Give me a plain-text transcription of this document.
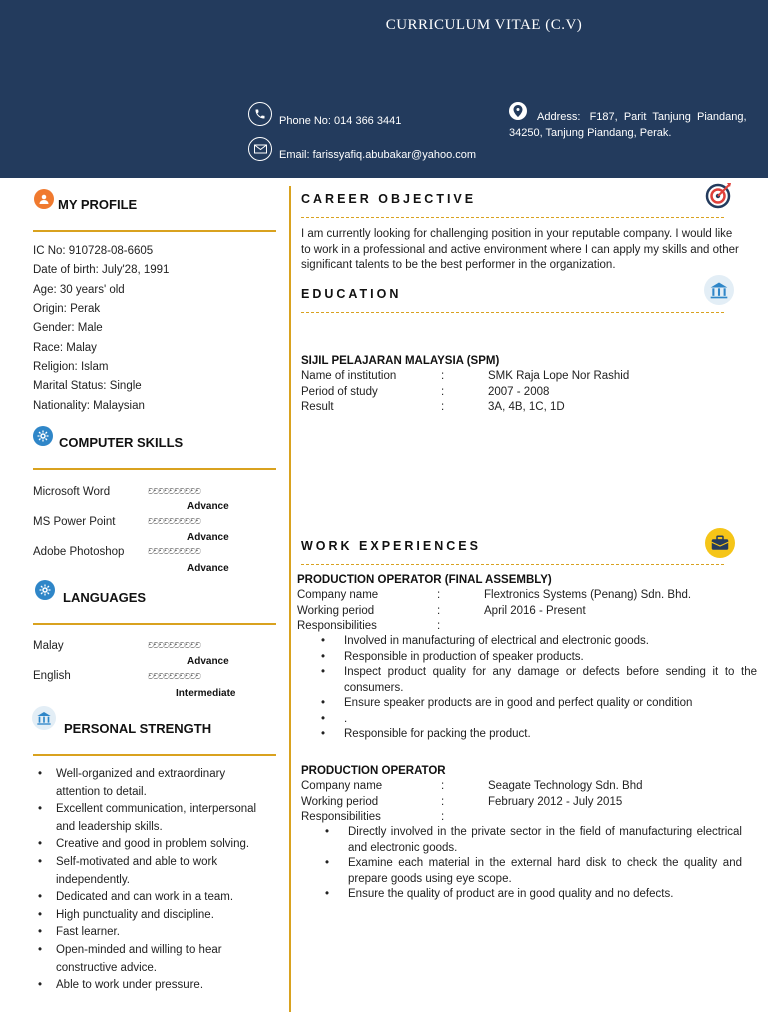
CURRICULUM VITAE (C.V)
Phone No: 014 366 3441
Email: farissyafiq.abubakar@yahoo.com
Address:   F187,  Parit  Tanjung  Piandang,
34250, Tanjung Piandang, Perak.
MY PROFILE
IC No: 910728-08-6605
Date of birth: July'28, 1991
Age: 30 years' old
Origin: Perak
Gender: Male
Race: Malay
Religion: Islam
Marital Status: Single
Nationality: Malaysian
COMPUTER SKILLS
Microsoft Word	වවවවවවවවවව
Advance
MS Power Point	වවවවවවවවවව
Advance
Adobe Photoshop	වවවවවවවවවව
Advance
LANGUAGES
Malay	වවවවවවවවවව
Advance
English	වවවවවවවවවව
Intermediate
PERSONAL STRENGTH
• Well-organized and extraordinary attention to detail.
• Excellent communication, interpersonal and leadership skills.
• Creative and good in problem solving.
• Self-motivated and able to work independently.
• Dedicated and can work in a team.
• High punctuality and discipline.
• Fast learner.
• Open-minded and willing to hear constructive advice.
• Able to work under pressure.
CAREER OBJECTIVE
I am currently looking for challenging position in your reputable company. I would like to work in a professional and active environment where I can apply my skills and other significant talents to be the best performer in the organization.
EDUCATION
SIJIL PELAJARAN MALAYSIA (SPM)
Name of institution	:	SMK Raja Lope Nor Rashid
Period of study	:	2007 - 2008
Result	:	3A, 4B, 1C, 1D
WORK EXPERIENCES
PRODUCTION OPERATOR (FINAL ASSEMBLY)
Company name	:	Flextronics Systems (Penang) Sdn. Bhd.
Working period	:	April 2016 - Present
Responsibilities	:
• Involved in manufacturing of electrical and electronic goods.
• Responsible in production of speaker products.
• Inspect product quality for any damage or defects before sending it to the consumers.
• Ensure speaker products are in good and perfect quality or condition
• .
• Responsible for packing the product.
PRODUCTION OPERATOR
Company name	:	Seagate Technology Sdn. Bhd
Working period	:	February 2012 - July 2015
Responsibilities	:
• Directly involved in the private sector in the field of manufacturing electrical and electronic goods.
• Examine each material in the external hard disk to check the quality and prepare goods using eye scope.
• Ensure the quality of product are in good quality and no defects.
